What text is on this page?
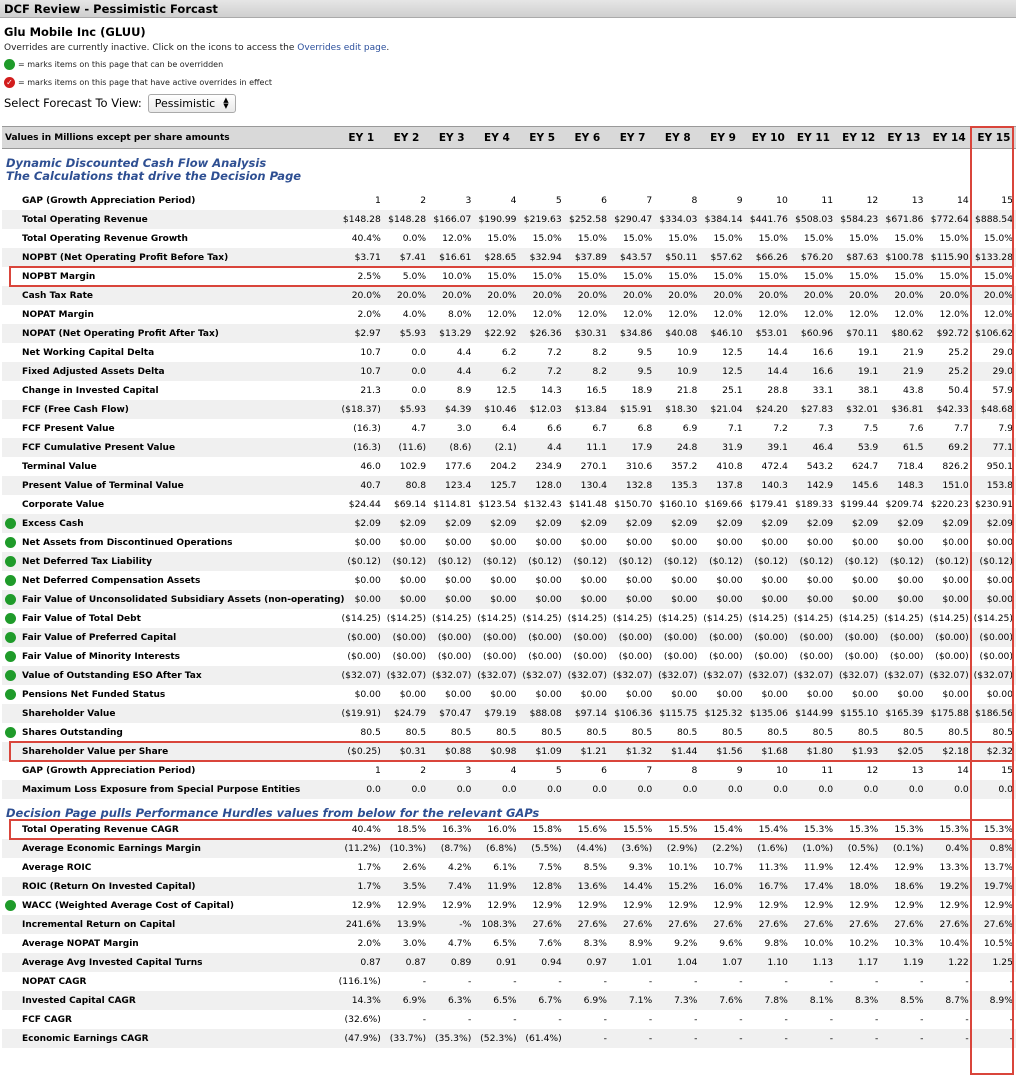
DCF Review - Pessimistic Forcast
Glu Mobile Inc (GLUU)
Overrides are currently inactive. Click on the icons to access the Overrides edit page.
= marks items on this page that can be overridden
✓ = marks items on this page that have active overrides in effect
Select Forecast To View: Pessimistic ▲
▼
Values in Millions except per share amounts	EY 1	EY 2	EY 3	EY 4	EY 5	EY 6	EY 7	EY 8	EY 9	EY 10	EY 11	EY 12	EY 13	EY 14	EY 15

Dynamic Discounted Cash Flow Analysis															
The Calculations that drive the Decision Page															

GAP (Growth Appreciation Period)	1	2	3	4	5	6	7	8	9	10	11	12	13	14	15
Total Operating Revenue	$148.28	$148.28	$166.07	$190.99	$219.63	$252.58	$290.47	$334.03	$384.14	$441.76	$508.03	$584.23	$671.86	$772.64	$888.54
Total Operating Revenue Growth	40.4%	0.0%	12.0%	15.0%	15.0%	15.0%	15.0%	15.0%	15.0%	15.0%	15.0%	15.0%	15.0%	15.0%	15.0%
NOPBT (Net Operating Profit Before Tax)	$3.71	$7.41	$16.61	$28.65	$32.94	$37.89	$43.57	$50.11	$57.62	$66.26	$76.20	$87.63	$100.78	$115.90	$133.28
NOPBT Margin	2.5%	5.0%	10.0%	15.0%	15.0%	15.0%	15.0%	15.0%	15.0%	15.0%	15.0%	15.0%	15.0%	15.0%	15.0%
Cash Tax Rate	20.0%	20.0%	20.0%	20.0%	20.0%	20.0%	20.0%	20.0%	20.0%	20.0%	20.0%	20.0%	20.0%	20.0%	20.0%
NOPAT Margin	2.0%	4.0%	8.0%	12.0%	12.0%	12.0%	12.0%	12.0%	12.0%	12.0%	12.0%	12.0%	12.0%	12.0%	12.0%
NOPAT (Net Operating Profit After Tax)	$2.97	$5.93	$13.29	$22.92	$26.36	$30.31	$34.86	$40.08	$46.10	$53.01	$60.96	$70.11	$80.62	$92.72	$106.62
Net Working Capital Delta	10.7	0.0	4.4	6.2	7.2	8.2	9.5	10.9	12.5	14.4	16.6	19.1	21.9	25.2	29.0
Fixed Adjusted Assets Delta	10.7	0.0	4.4	6.2	7.2	8.2	9.5	10.9	12.5	14.4	16.6	19.1	21.9	25.2	29.0
Change in Invested Capital	21.3	0.0	8.9	12.5	14.3	16.5	18.9	21.8	25.1	28.8	33.1	38.1	43.8	50.4	57.9
FCF (Free Cash Flow)	($18.37)	$5.93	$4.39	$10.46	$12.03	$13.84	$15.91	$18.30	$21.04	$24.20	$27.83	$32.01	$36.81	$42.33	$48.68
FCF Present Value	(16.3)	4.7	3.0	6.4	6.6	6.7	6.8	6.9	7.1	7.2	7.3	7.5	7.6	7.7	7.9
FCF Cumulative Present Value	(16.3)	(11.6)	(8.6)	(2.1)	4.4	11.1	17.9	24.8	31.9	39.1	46.4	53.9	61.5	69.2	77.1
Terminal Value	46.0	102.9	177.6	204.2	234.9	270.1	310.6	357.2	410.8	472.4	543.2	624.7	718.4	826.2	950.1
Present Value of Terminal Value	40.7	80.8	123.4	125.7	128.0	130.4	132.8	135.3	137.8	140.3	142.9	145.6	148.3	151.0	153.8
Corporate Value	$24.44	$69.14	$114.81	$123.54	$132.43	$141.48	$150.70	$160.10	$169.66	$179.41	$189.33	$199.44	$209.74	$220.23	$230.91

Excess Cash	$2.09	$2.09	$2.09	$2.09	$2.09	$2.09	$2.09	$2.09	$2.09	$2.09	$2.09	$2.09	$2.09	$2.09	$2.09

Net Assets from Discontinued Operations	$0.00	$0.00	$0.00	$0.00	$0.00	$0.00	$0.00	$0.00	$0.00	$0.00	$0.00	$0.00	$0.00	$0.00	$0.00

Net Deferred Tax Liability	($0.12)	($0.12)	($0.12)	($0.12)	($0.12)	($0.12)	($0.12)	($0.12)	($0.12)	($0.12)	($0.12)	($0.12)	($0.12)	($0.12)	($0.12)

Net Deferred Compensation Assets	$0.00	$0.00	$0.00	$0.00	$0.00	$0.00	$0.00	$0.00	$0.00	$0.00	$0.00	$0.00	$0.00	$0.00	$0.00

Fair Value of Unconsolidated Subsidiary Assets (non-operating)	$0.00	$0.00	$0.00	$0.00	$0.00	$0.00	$0.00	$0.00	$0.00	$0.00	$0.00	$0.00	$0.00	$0.00	$0.00

Fair Value of Total Debt	($14.25)	($14.25)	($14.25)	($14.25)	($14.25)	($14.25)	($14.25)	($14.25)	($14.25)	($14.25)	($14.25)	($14.25)	($14.25)	($14.25)	($14.25)

Fair Value of Preferred Capital	($0.00)	($0.00)	($0.00)	($0.00)	($0.00)	($0.00)	($0.00)	($0.00)	($0.00)	($0.00)	($0.00)	($0.00)	($0.00)	($0.00)	($0.00)

Fair Value of Minority Interests	($0.00)	($0.00)	($0.00)	($0.00)	($0.00)	($0.00)	($0.00)	($0.00)	($0.00)	($0.00)	($0.00)	($0.00)	($0.00)	($0.00)	($0.00)

Value of Outstanding ESO After Tax	($32.07)	($32.07)	($32.07)	($32.07)	($32.07)	($32.07)	($32.07)	($32.07)	($32.07)	($32.07)	($32.07)	($32.07)	($32.07)	($32.07)	($32.07)

Pensions Net Funded Status	$0.00	$0.00	$0.00	$0.00	$0.00	$0.00	$0.00	$0.00	$0.00	$0.00	$0.00	$0.00	$0.00	$0.00	$0.00
Shareholder Value	($19.91)	$24.79	$70.47	$79.19	$88.08	$97.14	$106.36	$115.75	$125.32	$135.06	$144.99	$155.10	$165.39	$175.88	$186.56

Shares Outstanding	80.5	80.5	80.5	80.5	80.5	80.5	80.5	80.5	80.5	80.5	80.5	80.5	80.5	80.5	80.5
Shareholder Value per Share	($0.25)	$0.31	$0.88	$0.98	$1.09	$1.21	$1.32	$1.44	$1.56	$1.68	$1.80	$1.93	$2.05	$2.18	$2.32
GAP (Growth Appreciation Period)	1	2	3	4	5	6	7	8	9	10	11	12	13	14	15
Maximum Loss Exposure from Special Purpose Entities	0.0	0.0	0.0	0.0	0.0	0.0	0.0	0.0	0.0	0.0	0.0	0.0	0.0	0.0	0.0

Decision Page pulls Performance Hurdles values from below for the relevant GAPs															
Total Operating Revenue CAGR	40.4%	18.5%	16.3%	16.0%	15.8%	15.6%	15.5%	15.5%	15.4%	15.4%	15.3%	15.3%	15.3%	15.3%	15.3%
Average Economic Earnings Margin	(11.2%)	(10.3%)	(8.7%)	(6.8%)	(5.5%)	(4.4%)	(3.6%)	(2.9%)	(2.2%)	(1.6%)	(1.0%)	(0.5%)	(0.1%)	0.4%	0.8%
Average ROIC	1.7%	2.6%	4.2%	6.1%	7.5%	8.5%	9.3%	10.1%	10.7%	11.3%	11.9%	12.4%	12.9%	13.3%	13.7%
ROIC (Return On Invested Capital)	1.7%	3.5%	7.4%	11.9%	12.8%	13.6%	14.4%	15.2%	16.0%	16.7%	17.4%	18.0%	18.6%	19.2%	19.7%

WACC (Weighted Average Cost of Capital)	12.9%	12.9%	12.9%	12.9%	12.9%	12.9%	12.9%	12.9%	12.9%	12.9%	12.9%	12.9%	12.9%	12.9%	12.9%
Incremental Return on Capital	241.6%	13.9%	-%	108.3%	27.6%	27.6%	27.6%	27.6%	27.6%	27.6%	27.6%	27.6%	27.6%	27.6%	27.6%
Average NOPAT Margin	2.0%	3.0%	4.7%	6.5%	7.6%	8.3%	8.9%	9.2%	9.6%	9.8%	10.0%	10.2%	10.3%	10.4%	10.5%
Average Avg Invested Capital Turns	0.87	0.87	0.89	0.91	0.94	0.97	1.01	1.04	1.07	1.10	1.13	1.17	1.19	1.22	1.25
NOPAT CAGR	(116.1%)	-	-	-	-	-	-	-	-	-	-	-	-	-	-
Invested Capital CAGR	14.3%	6.9%	6.3%	6.5%	6.7%	6.9%	7.1%	7.3%	7.6%	7.8%	8.1%	8.3%	8.5%	8.7%	8.9%
FCF CAGR	(32.6%)	-	-	-	-	-	-	-	-	-	-	-	-	-	-
Economic Earnings CAGR	(47.9%)	(33.7%)	(35.3%)	(52.3%)	(61.4%)	-	-	-	-	-	-	-	-	-	-
